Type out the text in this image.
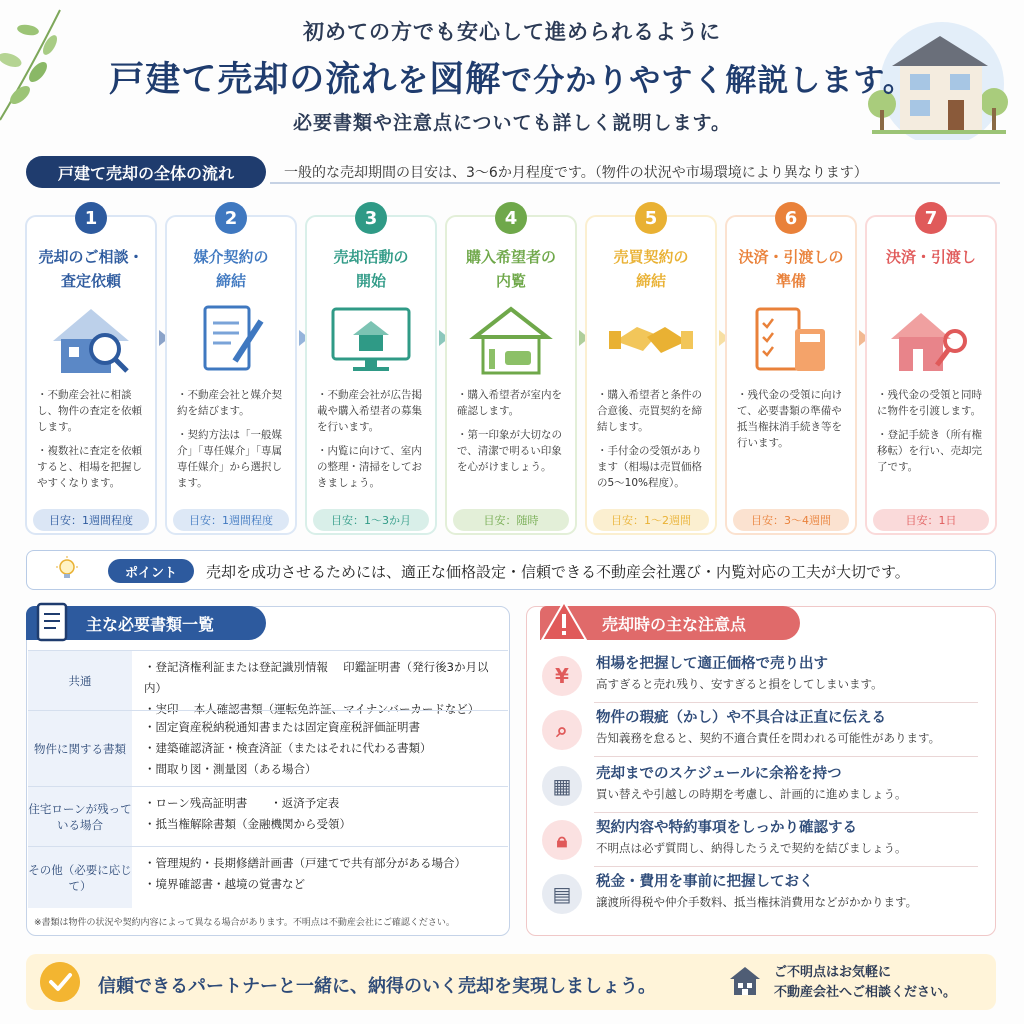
初めての方でも安心して進められるように
戸建て売却の流れを図解で分かりやすく解説します。
必要書類や注意点についても詳しく説明します。
戸建て売却の全体の流れ	一般的な売却期間の目安は、3〜6か月程度です。（物件の状況や市場環境により異なります）
売却のご相談・
査定依頼

・不動産会社に相談し、物件の査定を依頼します。

・複数社に査定を依頼すると、相場を把握しやすくなります。

目安：1週間程度
1
媒介契約の
締結

・不動産会社と媒介契約を結びます。

・契約方法は「一般媒介」「専任媒介」「専属専任媒介」から選択します。

目安：1週間程度
2
売却活動の
開始

・不動産会社が広告掲載や購入希望者の募集を行います。

・内覧に向けて、室内の整理・清掃をしておきましょう。

目安：1〜3か月
3
購入希望者の
内覧

・購入希望者が室内を確認します。

・第一印象が大切なので、清潔で明るい印象を心がけましょう。

目安：随時
4
売買契約の
締結

・購入希望者と条件の合意後、売買契約を締結します。

・手付金の受領があります（相場は売買価格の5〜10%程度）。

目安：1〜2週間
5
決済・引渡しの
準備

・残代金の受領に向けて、必要書類の準備や抵当権抹消手続き等を行います。

目安：3〜4週間
6
決済・引渡し

・残代金の受領と同時に物件を引渡します。

・登記手続き（所有権移転）を行い、売却完了です。

目安：1日
7
ポイント	売却を成功させるためには、適正な価格設定・信頼できる不動産会社選び・内覧対応の工夫が大切です。
主な必要書類一覧
共通
・登記済権利証または登記識別情報　 印鑑証明書（発行後3か月以内）
・実印　 本人確認書類（運転免許証、マイナンバーカードなど）
物件に関する書類
・固定資産税納税通知書または固定資産税評価証明書
・建築確認済証・検査済証（またはそれに代わる書類）
・間取り図・測量図（ある場合）
住宅ローンが残っている場合
・ローン残高証明書　　・返済予定表
・抵当権解除書類（金融機関から受領）
その他（必要に応じて）
・管理規約・長期修繕計画書（戸建てで共有部分がある場合）
・境界確認書・越境の覚書など
※書類は物件の状況や契約内容によって異なる場合があります。不明点は不動産会社にご確認ください。
売却時の主な注意点
¥	相場を把握して適正価格で売り出す
高すぎると売れ残り、安すぎると損をしてしまいます。
⌕	物件の瑕疵（かし）や不具合は正直に伝える
告知義務を怠ると、契約不適合責任を問われる可能性があります。
▦	売却までのスケジュールに余裕を持つ
買い替えや引越しの時期を考慮し、計画的に進めましょう。
🔒︎	契約内容や特約事項をしっかり確認する
不明点は必ず質問し、納得したうえで契約を結びましょう。
▤	税金・費用を事前に把握しておく
譲渡所得税や仲介手数料、抵当権抹消費用などがかかります。
信頼できるパートナーと一緒に、納得のいく売却を実現しましょう。
ご不明点はお気軽に
不動産会社へご相談ください。
